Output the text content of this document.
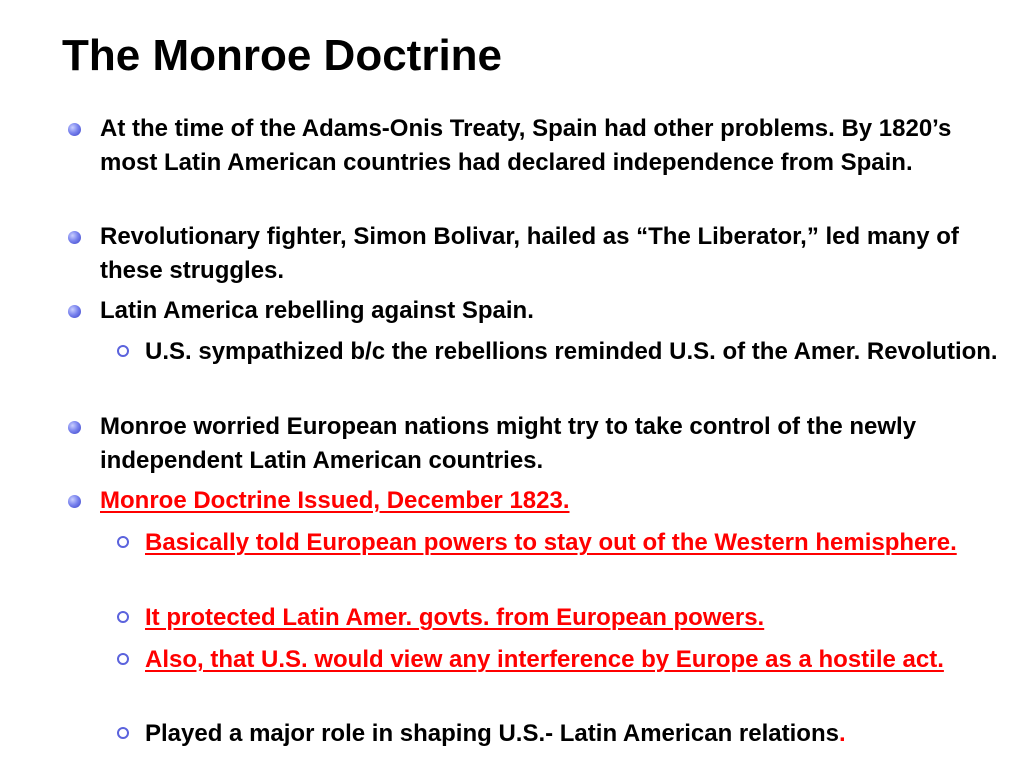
The Monroe Doctrine
At the time of the Adams-Onis Treaty, Spain had other problems. By 1820’s most Latin American countries had declared independence from Spain.
Revolutionary fighter, Simon Bolivar, hailed as “The Liberator,” led many of these struggles.
Latin America rebelling against Spain.
U.S. sympathized b/c the rebellions reminded U.S. of the Amer. Revolution.
Monroe worried European nations might try to take control of the newly independent Latin American countries.
Monroe Doctrine Issued, December 1823.
Basically told European powers to stay out of the Western hemisphere.
It protected Latin Amer. govts. from European powers.
Also, that U.S. would view any interference by Europe as a hostile act.
Played a major role in shaping U.S.- Latin American relations.
